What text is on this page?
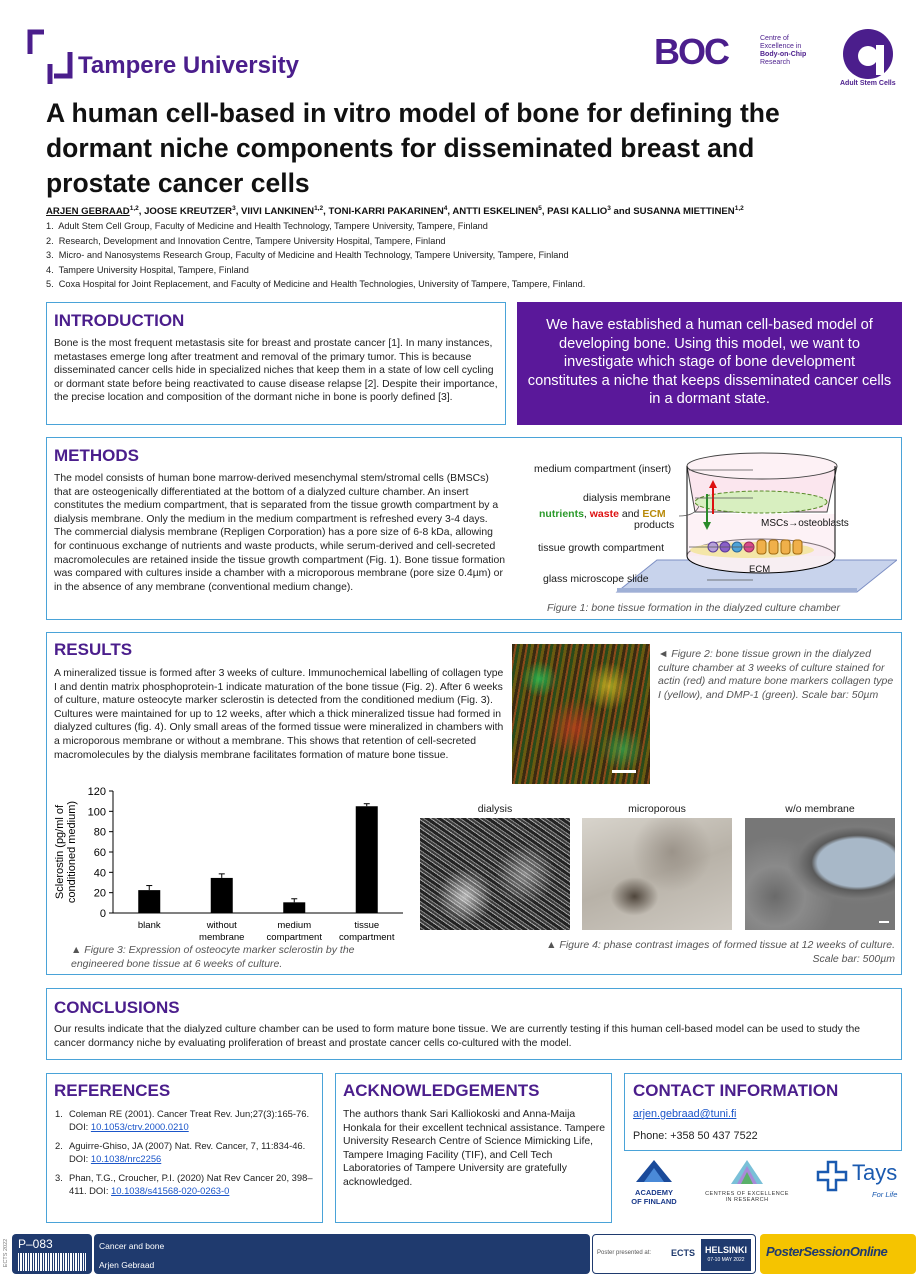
Tampere University	BOC	Centre of
Excellence in
Body-on-Chip
Research
Adult Stem Cells
A human cell-based in vitro model of bone for defining the
dormant niche components for disseminated breast and
prostate cancer cells
ARJEN GEBRAAD$^{1,2}$, JOOSE KREUTZER$^3$, VIIVI LANKINEN$^{1,2}$, TONI-KARRI PAKARINEN$^4$, ANTTI ESKELINEN$^5$, PASI KALLIO$^3$ and SUSANNA MIETTINEN$^{1,2}$
1.  Adult Stem Cell Group, Faculty of Medicine and Health Technology, Tampere University, Tampere, Finland
2.  Research, Development and Innovation Centre, Tampere University Hospital, Tampere, Finland
3.  Micro- and Nanosystems Research Group, Faculty of Medicine and Health Technology, Tampere University, Tampere, Finland
4.  Tampere University Hospital, Tampere, Finland
5.  Coxa Hospital for Joint Replacement, and Faculty of Medicine and Health Technologies, University of Tampere, Tampere, Finland.
INTRODUCTION
Bone is the most frequent metastasis site for breast and prostate cancer [1]. In many instances, metastases emerge long after treatment and removal of the primary tumor. This is because disseminated cancer cells hide in specialized niches that keep them in a state of low cell cycling or dormant state before being reactivated to cause disease relapse [2]. Despite their importance, the precise location and composition of the dormant niche in bone is poorly defined [3].
We have established a human cell-based model of developing bone. Using this model, we want to investigate which stage of bone development constitutes a niche that keeps disseminated cancer cells in a dormant state.
METHODS
The model consists of human bone marrow-derived mesenchymal stem/stromal cells (BMSCs) that are osteogenically differentiated at the bottom of a dialyzed culture chamber. An insert constitutes the medium compartment, that is separated from the tissue growth compartment by a dialysis membrane. Only the medium in the medium compartment is refreshed every 3-4 days. The commercial dialysis membrane (Repligen Corporation) has a pore size of 6-8 kDa, allowing for continuous exchange of nutrients and waste products, while serum-derived and cell-secreted macromolecules are retained inside the tissue growth compartment (Fig. 1). Bone tissue formation was compared with cultures inside a chamber with a microporous membrane (pore size 0.4µm) or in the absence of any membrane (conventional medium change).
MSCs→osteoblasts
ECM
medium compartment (insert)
dialysis membrane
nutrients, waste and ECM
products
tissue growth compartment
glass microscope slide
Figure 1: bone tissue formation in the dialyzed culture chamber
RESULTS
A mineralized tissue is formed after 3 weeks of culture. Immunochemical labelling of collagen type I and dentin matrix phosphoprotein-1 indicate maturation of the bone tissue (Fig. 2). After 6 weeks of culture, mature osteocyte marker sclerostin is detected from the conditioned medium (Fig. 3). Cultures were maintained for up to 12 weeks, after which a thick mineralized tissue had formed in dialyzed cultures (fig. 4). Only small areas of the formed tissue were mineralized in chambers with a microporous membrane or without a membrane. This shows that retention of cell-secreted macromolecules by the dialysis membrane facilitates formation of mature bone tissue.
◄ Figure 2: bone tissue grown in the dialyzed culture chamber at 3 weeks of culture stained for actin (red) and mature bone markers collagen type I (yellow), and DMP-1 (green). Scale bar: 50µm
0
20
40
60
80
100
120
blank	without
membrane
medium
compartment
tissue
compartment
Sclerostin (pg/ml of conditioned medium)
▲ Figure 3: Expression of osteocyte marker sclerostin by the engineered bone tissue at 6 weeks of culture.
dialysis	microporous	w/o membrane
▲ Figure 4: phase contrast images of formed tissue at 12 weeks of culture.
Scale bar: 500µm
CONCLUSIONS
Our results indicate that the dialyzed culture chamber can be used to form mature bone tissue. We are currently testing if this human cell-based model can be used to study the cancer dormancy niche by evaluating proliferation of breast and prostate cancer cells co-cultured with the model.
REFERENCES
1. Coleman RE (2001). Cancer Treat Rev. Jun;27(3):165-76. DOI: 10.1053/ctrv.2000.0210
2. Aguirre-Ghiso, JA (2007) Nat. Rev. Cancer, 7, 11:834-46. DOI: 10.1038/nrc2256
3. Phan, T.G., Croucher, P.I. (2020) Nat Rev Cancer 20, 398–411. DOI: 10.1038/s41568-020-0263-0
ACKNOWLEDGEMENTS
The authors thank Sari Kalliokoski and Anna-Maija Honkala for their excellent technical assistance. Tampere University Research Centre of Science Mimicking Life, Tampere Imaging Facility (TIF), and Cell Tech Laboratories of Tampere University are gratefully acknowledged.
CONTACT INFORMATION
arjen.gebraad@tuni.fi
Phone: +358 50 437 7522
ACADEMY
OF FINLAND
CENTRES OF EXCELLENCE
IN RESEARCH
Tays
For Life
ECTS 2022 P–083	Cancer and bone
Arjen Gebraad
Poster presented at: ECTS	HELSINKI
07-10 MAY 2022
PosterSessionOnline
